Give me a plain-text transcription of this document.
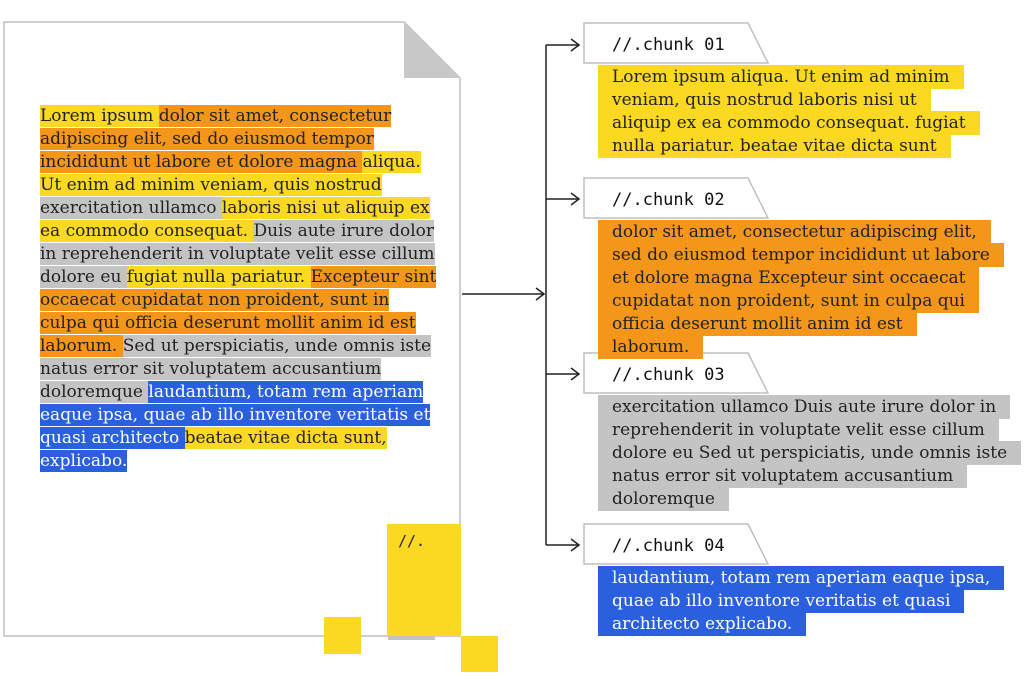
Lorem ipsum dolor sit amet, consectetur adipiscing elit, sed do eiusmod tempor incididunt ut labore et dolore magna aliqua. Ut enim ad minim veniam, quis nostrud exercitation ullamco laboris nisi ut aliquip ex ea commodo consequat. Duis aute irure dolor in reprehenderit in voluptate velit esse cillum dolore eu fugiat nulla pariatur. Excepteur sint occaecat cupidatat non proident, sunt in culpa qui officia deserunt mollit anim id est laborum. Sed ut perspiciatis, unde omnis iste natus error sit voluptatem accusantium doloremque laudantium, totam rem aperiam eaque ipsa, quae ab illo inventore veritatis et quasi architecto beatae vitae dicta sunt, explicabo.
//.
//.chunk 01
Lorem ipsum aliqua. Ut enim ad minim veniam, quis nostrud laboris nisi ut aliquip ex ea commodo consequat. fugiat nulla pariatur. beatae vitae dicta sunt
//.chunk 02
dolor sit amet, consectetur adipiscing elit, sed do eiusmod tempor incididunt ut labore et dolore magna Excepteur sint occaecat cupidatat non proident, sunt in culpa qui officia deserunt mollit anim id est laborum.
//.chunk 03
exercitation ullamco Duis aute irure dolor in reprehenderit in voluptate velit esse cillum dolore eu Sed ut perspiciatis, unde omnis iste natus error sit voluptatem accusantium doloremque
//.chunk 04
laudantium, totam rem aperiam eaque ipsa, quae ab illo inventore veritatis et quasi architecto explicabo.
